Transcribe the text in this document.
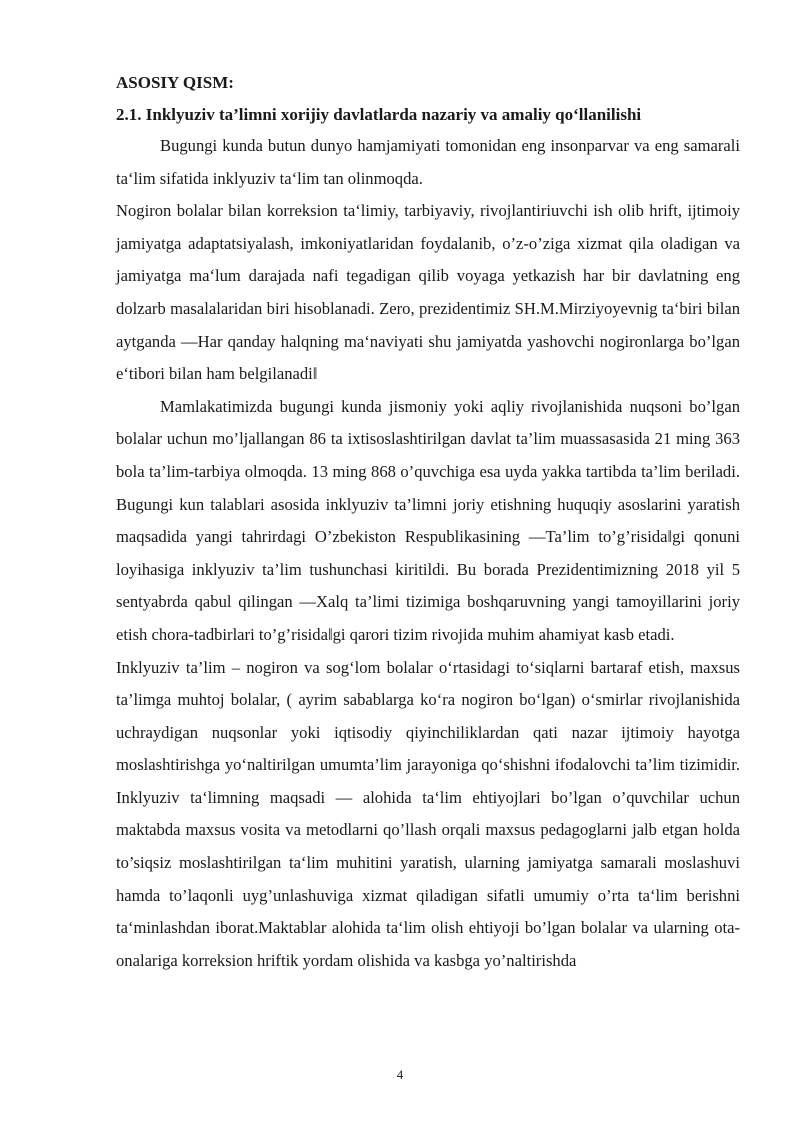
ASOSIY QISM:
2.1. Inklyuziv ta’limni xorijiy davlatlarda nazariy va amaliy qo‘llanilishi

Bugungi kunda butun dunyo hamjamiyati tomonidan eng insonparvar va eng samarali ta‘lim sifatida inklyuziv ta‘lim tan olinmoqda.

Nogiron bolalar bilan korreksion ta‘limiy, tarbiyaviy, rivojlantiriuvchi ish olib hrift, ijtimoiy jamiyatga adaptatsiyalash, imkoniyatlaridan foydalanib, o’z-o’ziga xizmat qila oladigan va jamiyatga ma‘lum darajada nafi tegadigan qilib voyaga yetkazish har bir davlatning eng dolzarb masalalaridan biri hisoblanadi. Zero, prezidentimiz SH.M.Mirziyoyevnig ta‘biri bilan aytganda ―Har qanday halqning ma‘naviyati shu jamiyatda yashovchi nogironlarga bo’lgan e‘tibori bilan ham belgilanadi‖

Mamlakatimizda bugungi kunda jismoniy yoki aqliy rivojlanishida nuqsoni bo’lgan bolalar uchun mo’ljallangan 86 ta ixtisoslashtirilgan davlat ta’lim muassasasida 21 ming 363 bola ta’lim-tarbiya olmoqda. 13 ming 868 o’quvchiga esa uyda yakka tartibda ta’lim beriladi. Bugungi kun talablari asosida inklyuziv ta’limni joriy etishning huquqiy asoslarini yaratish maqsadida yangi tahrirdagi O’zbekiston Respublikasining ―Ta’lim to’g’risida‖gi qonuni loyihasiga inklyuziv ta’lim tushunchasi kiritildi. Bu borada Prezidentimizning 2018 yil 5 sentyabrda qabul qilingan ―Xalq ta’limi tizimiga boshqaruvning yangi tamoyillarini joriy etish chora-tadbirlari to’g’risida‖gi qarori tizim rivojida muhim ahamiyat kasb etadi.

Inklyuziv ta’lim – nogiron va sog‘lom bolalar o‘rtasidagi to‘siqlarni bartaraf etish, maxsus ta’limga muhtoj bolalar, ( ayrim sabablarga ko‘ra nogiron bo‘lgan) o‘smirlar rivojlanishida uchraydigan nuqsonlar yoki iqtisodiy qiyinchiliklardan qati nazar ijtimoiy hayotga moslashtirishga yo‘naltirilgan umumta’lim jarayoniga qo‘shishni ifodalovchi ta’lim tizimidir. Inklyuziv ta‘limning maqsadi — alohida ta‘lim ehtiyojlari bo’lgan o’quvchilar uchun maktabda maxsus vosita va metodlarni qo’llash orqali maxsus pedagoglarni jalb etgan holda to’siqsiz moslashtirilgan ta‘lim muhitini yaratish, ularning jamiyatga samarali moslashuvi hamda to’laqonli uyg’unlashuviga xizmat qiladigan sifatli umumiy o’rta ta‘lim berishni ta‘minlashdan iborat.Maktablar alohida ta‘lim olish ehtiyoji bo’lgan bolalar va ularning ota-onalariga korreksion hriftik yordam olishida va kasbga yo’naltirishda

4
